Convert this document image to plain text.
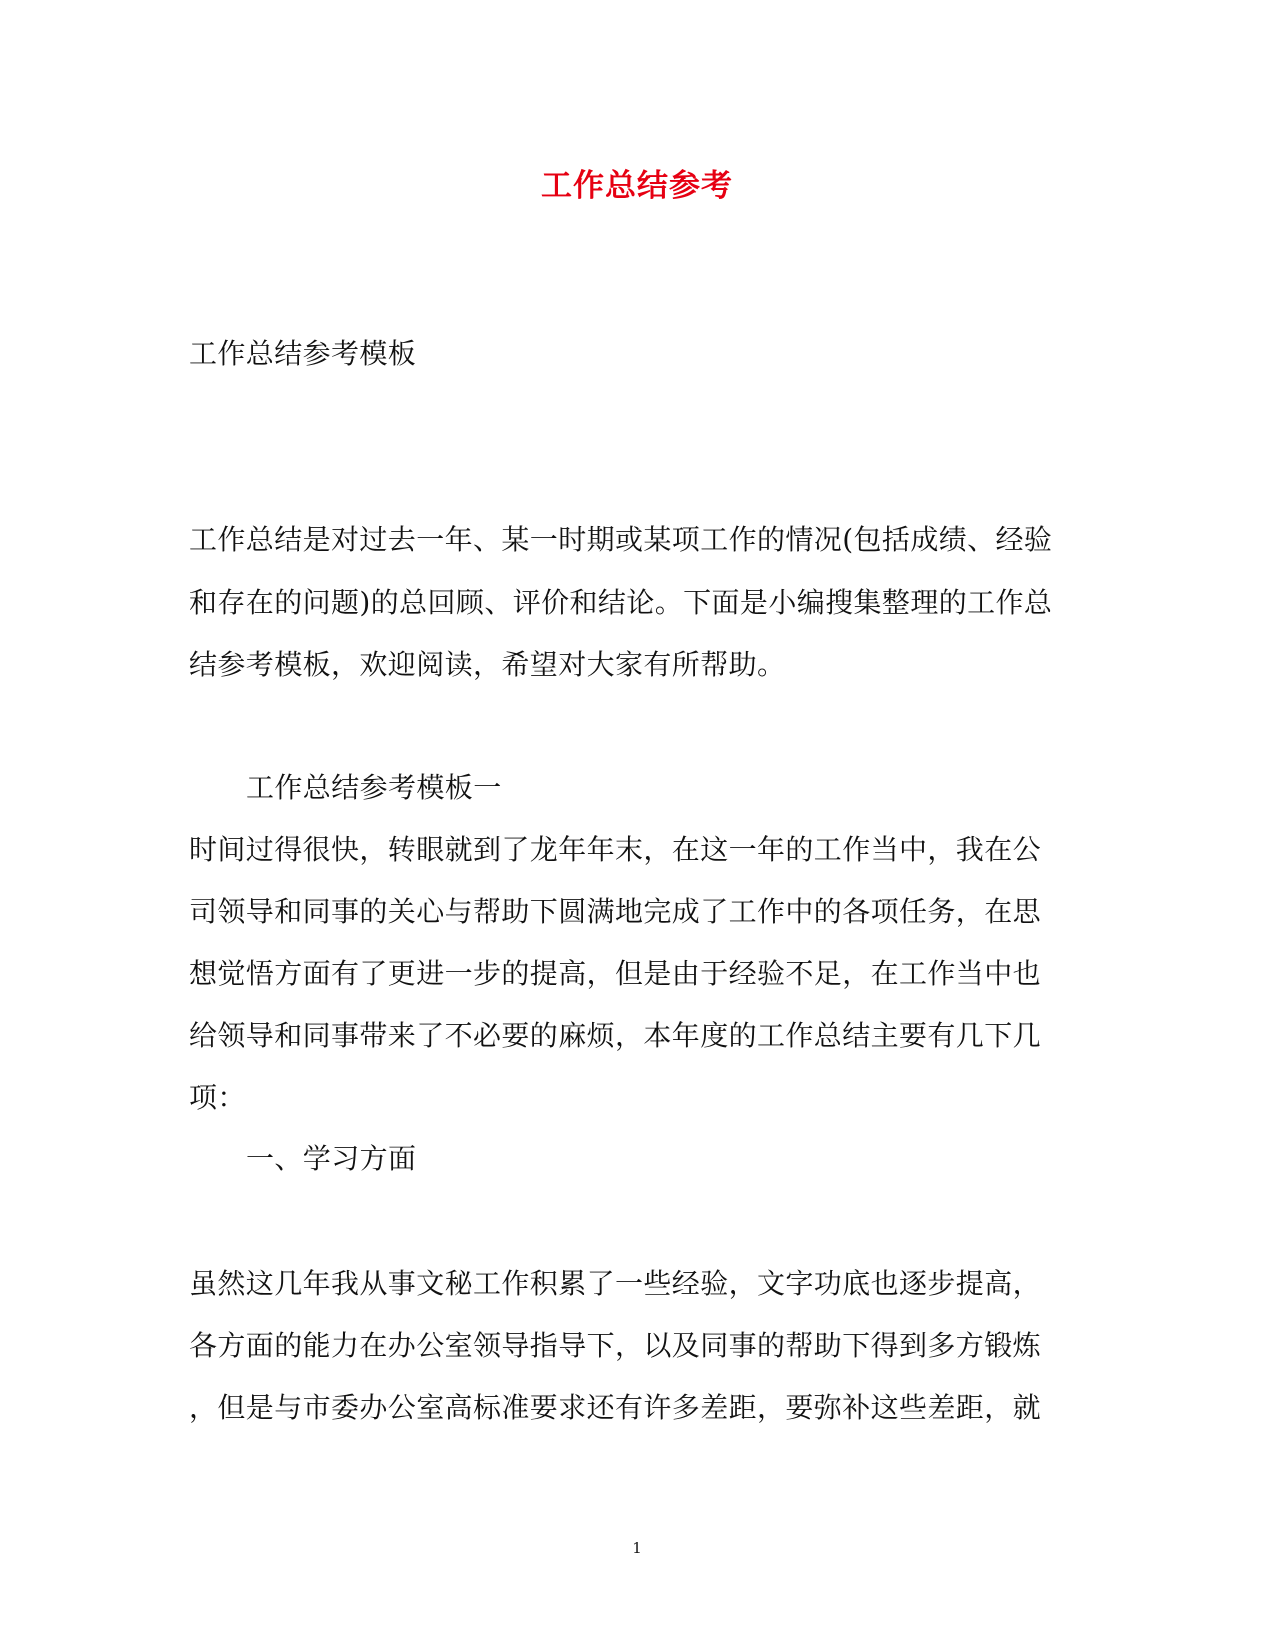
工作总结参考
工作总结参考模板
工作总结是对过去一年、某一时期或某项工作的情况(包括成绩、经验
和存在的问题)的总回顾、评价和结论。下面是小编搜集整理的工作总
结参考模板，欢迎阅读，希望对大家有所帮助。
工作总结参考模板一
时间过得很快，转眼就到了龙年年末，在这一年的工作当中，我在公
司领导和同事的关心与帮助下圆满地完成了工作中的各项任务，在思
想觉悟方面有了更进一步的提高，但是由于经验不足，在工作当中也
给领导和同事带来了不必要的麻烦，本年度的工作总结主要有几下几
项：
一、学习方面
虽然这几年我从事文秘工作积累了一些经验，文字功底也逐步提高，
各方面的能力在办公室领导指导下，以及同事的帮助下得到多方锻炼
，但是与市委办公室高标准要求还有许多差距，要弥补这些差距，就
1
